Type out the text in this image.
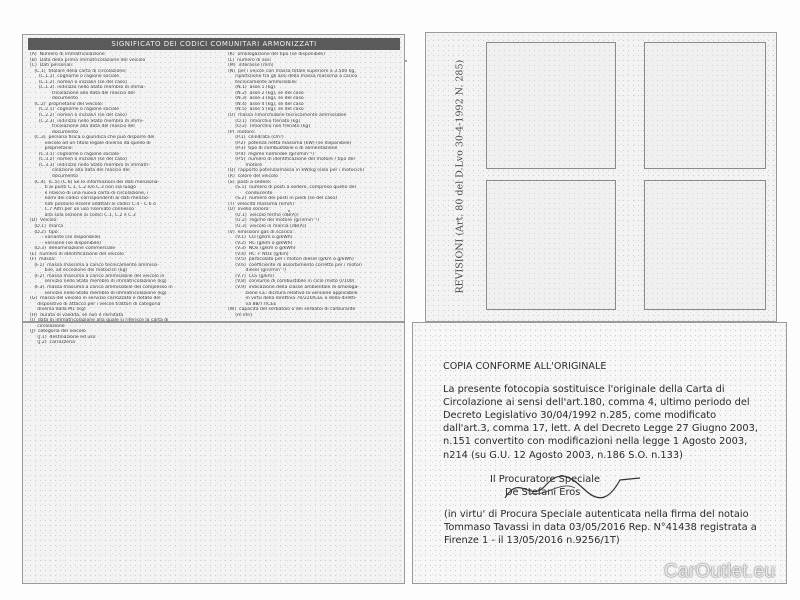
SIGNIFICATO DEI CODICI COMUNITARI ARMONIZZATI
(A)  Numero di immatricolazione
(B)  Data della prima immatricolazione del veicolo
(C)  Dati personali:
(C.1)  titolare della carta di circolazione:
(C.1.1)  cognome o ragione sociale
(C.1.2)  nome/i o iniziali/i (se del caso)
(C.1.3)  indirizzo nello Stato membro di imma-
tricolazione alla data del rilascio del
documento
(C.2)  proprietario del veicolo:
(C.2.1)  cognome o ragione sociale
(C.2.2)  nome/i o iniziali/i (se del caso)
(C.2.3)  indirizzo nello Stato membro di immi-
tricolazione alla data del rilascio del
documento
(C.3)  persona fisica o giuridica che può disporre del
veicolo ad un titolo legale diverso da quello di
proprietario:
(C.3.1)  cognome o ragione sociale
(C.3.2)  nome/i o iniziali/i (se del caso)
(C.3.3)  indirizzo nello Stato membro di immatri-
colazione alla data del rilascio del
documento
(C.4)  (C.5) (C.6) Se le informazioni dei dati menziona-
ti ai punti C.1, C.2 e/o C.3 non sia luogo
il rilascio di una nuova carta di circolazione, i
nomi dei codici corrispondenti ai dati menzio-
nati possono essere adattati ai codici C.4 - C.6 o
C.7 Altri per un uso riservato connesso
alla sola sezione ai codici C.1, C.2 e C.3
(D)  Veicolo:
(D.1)  marca
(D.2)  tipo:
- variante (se disponibile)
- versione (se disponibile)
(D.3)  denominazione commerciale
(E)  numero di identificazione del veicolo
(F)  massa:
(F.1)  massa massima a carico tecnicamente ammissi-
bile, ad eccezione dei motocicli (kg)
(F.2)  massa massima a carico ammissibile del veicolo in
servizio nello Stato membro di immatricolazione (kg)
(F.3)  massa massima a carico ammissibile del complesso in
servizio nello Stato membro di immatricolazione (kg)
(G)  massa del veicolo in servizio carrozzato e dotato del
dispositivo di attacco per i veicoli trattori di categoria
diversa dalla M1 (kg)
(H)  durata di validità, se non è illimitata
(I)  data di immatricolazione alla quale si riferisce la carta di
circolazione
(J)  categoria del veicolo
(J.1)  destinazione ed uso
(J.2)  carrozzeria
(K)  omologazione del tipo (se disponibile)
(L)  numero di assi
(M)  interasse (mm)
(N)  per i veicoli con massa totale superiore a 3.500 kg,
ripartizione tra gli assi della massa massima a carico
tecnicamente ammissibile:
(N.1)  asse 1 (kg)
(N.2)  asse 2 (kg), se del caso
(N.3)  asse 3 (kg), se del caso
(N.4)  asse 4 (kg), se del caso
(N.5)  asse 5 (kg), se del caso
(O)  massa rimorchiabile tecnicamente ammissibile
(O.1)  rimorchio frenato (kg)
(O.2)  rimorchio non frenato (kg)
(P)  motore:
(P.1)  cilindrata (cm³)
(P.2)  potenza netta massima (kW) (se disponibile)
(P.3)  tipo di combustibile o di alimentazione
(P.4)  regime nominale (giri/min⁻¹)
(P.5)  numero di identificazione del motore / tipo del
motore
(Q)  rapporto potenza/massa in kW/kg (solo per i motocicli)
(R)  colore del veicolo
(S)  posti a sedere:
(S.1)  numero di posti a sedere, compreso quello del
conducente
(S.2)  numero dei posti in piedi (se del caso)
(T)  velocità massima (km/h)
(U)  livello sonoro:
(U.1)  veicolo fermo (dB(A))
(U.2)  regime del motore (giri/min⁻¹)
(U.3)  veicolo in marcia (dB(A))
(V)  emissioni gas di scarico:
(V.1)  CO (g/km o g/kWh)
(V.2)  HC (g/km o g/kWh)
(V.3)  NOx (g/km o g/kWh)
(V.4)  HC + NOx (g/km)
(V.5)  particolato per i motori diesel (g/km o g/kWh)
(V.6)  coefficiente di assorbimento corretto per i motori
diesel (giri/min⁻¹)
(V.7)  CO₂ (g/km)
(V.8)  consumo di combustibile in ciclo misto (l/100)
(V.9)  indicazione della classe ambientale di omologa-
zione CE: dicitura relativa la versione applicabile
in virtù della direttiva 70/220/CEE o della diretti-
va 88/77/CEE
(W)  capacità del serbatoio o dei serbatoi di carburante
(m litri)
REVISIONI (Art. 80 del D.Lvo 30-4-1992 N. 285)
COPIA CONFORME ALL'ORIGINALE
La presente fotocopia sostituisce l'originale della Carta di Circolazione ai sensi dell'art.180, comma 4, ultimo periodo del Decreto Legislativo 30/04/1992 n.285, come modificato dall'art.3, comma 17, lett. A del Decreto Legge 27 Giugno 2003, n.151 convertito con modificazioni nella legge 1 Agosto 2003, n214 (su G.U. 12 Agosto 2003, n.186 S.O. n.133)
Il Procuratore Speciale

De Stefani Eros
(in virtu' di Procura Speciale autenticata nella firma del notaio Tommaso Tavassi in data 03/05/2016 Rep. N°41438 registrata a Firenze 1 - il 13/05/2016 n.9256/1T)
CarOutlet.eu
